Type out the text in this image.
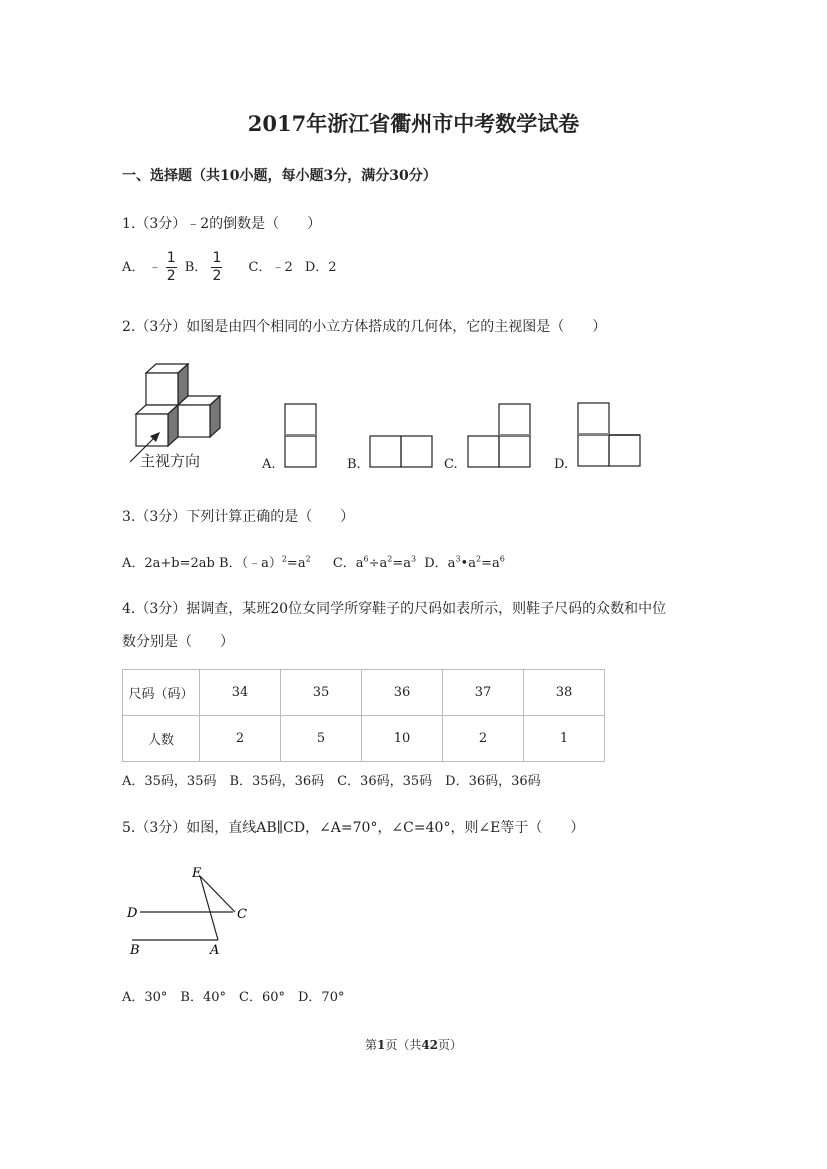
2017年浙江省衢州市中考数学试卷
一、选择题（共10小题，每小题3分，满分30分）
1.（3分）﹣2的倒数是（　　）
A． ﹣ $\frac{1}{2}$ B． $\frac{1}{2}$ C．﹣2 D．2
2.（3分）如图是由四个相同的小立方体搭成的几何体，它的主视图是（　　）
主视方向	A.	B.	C.	D.
3.（3分）下列计算正确的是（　　）
A．2a+b=2ab B．$(﹣a)^2=a^2$ C．$a^6\div a^2=a^3$ D．$a^3•a^2=a^6$
4.（3分）据调查，某班20位女同学所穿鞋子的尺码如表所示，则鞋子尺码的众数和中位
数分别是（　　）
尺码（码）	34	35	36	37	38
人数	2	5	10	2	1
A．35码，35码　B．35码，36码　C．36码，35码　D．36码，36码
5.（3分）如图，直线AB∥CD，∠A=70°，∠C=40°，则∠E等于（　　）
E
D	C
B	A
A．30°　B．40°　C．60°　D．70°
第1页（共42页）
